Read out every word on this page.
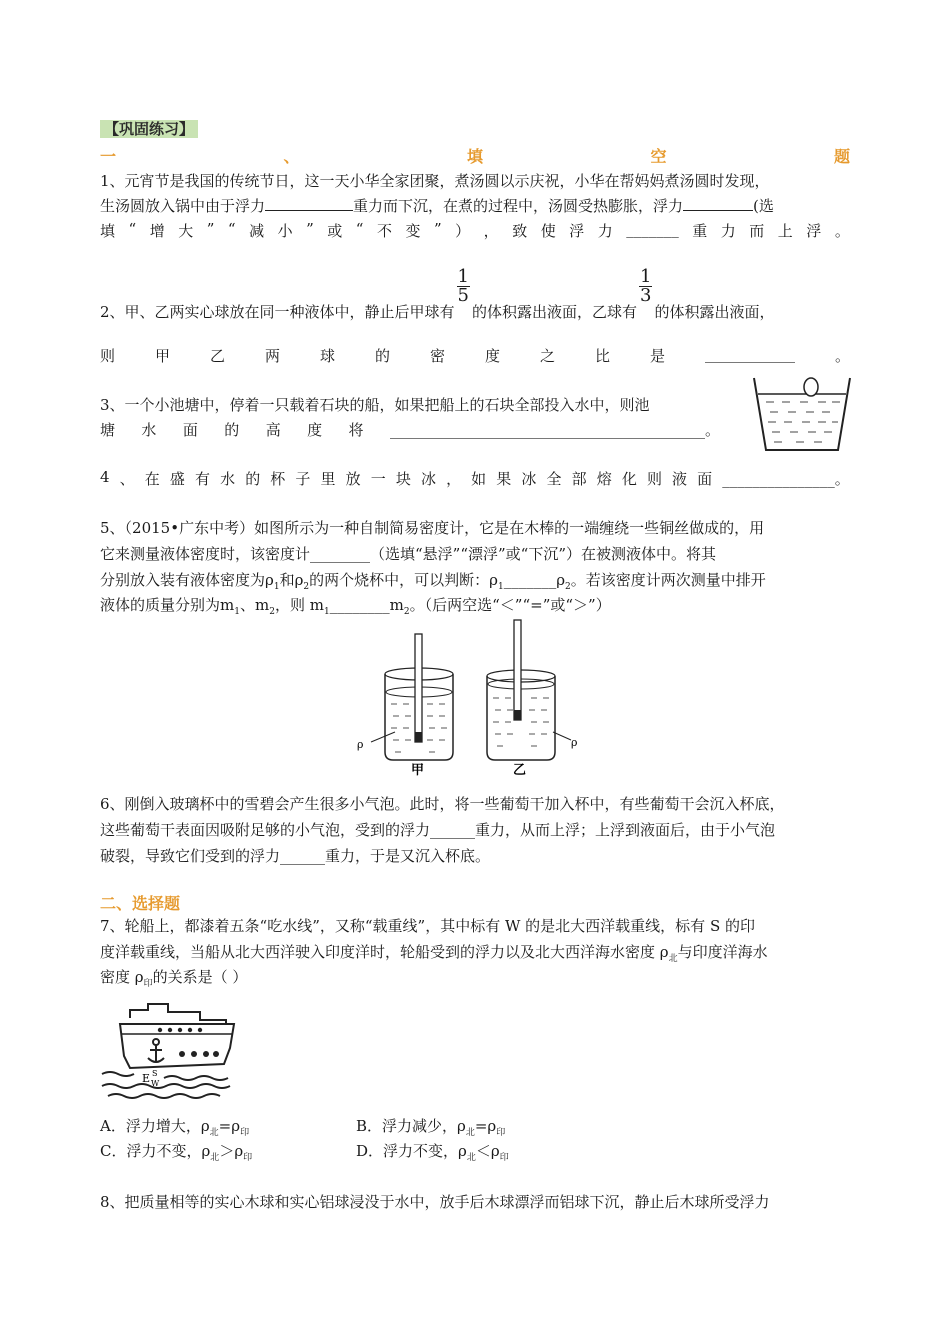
【巩固练习】
一	、	填	空	题
1、元宵节是我国的传统节日，这一天小华全家团聚，煮汤圆以示庆祝，小华在帮妈妈煮汤圆时发现，
生汤圆放入锅中由于浮力	重力而下沉，在煮的过程中，汤圆受热膨胀，浮力	(选
填 “ 增 大 ” “ 减 小 ” 或 “ 不 变 ” ） ， 致 使 浮 力 _______ 重 力 而 上 浮 。
2、甲、乙两实心球放在同一种液体中，静止后甲球有
$\frac{1}{5}$
的体积露出液面，乙球有
$\frac{1}{3}$
的体积露出液面，
则	甲	乙	两	球	的	密	度	之	比	是	____________	。
3、一个小池塘中，停着一只载着石块的船，如果把船上的石块全部投入水中，则池
塘 水 面 的 高 度 将 __________________________________________。
4 、 在 盛 有 水 的 杯 子 里 放 一 块 冰 ， 如 果 冰 全 部 熔 化 则 液 面 _______________。
5、（2015•广东中考）如图所示为一种自制简易密度计，它是在木棒的一端缠绕一些铜丝做成的，用
它来测量液体密度时，该密度计________（选填“悬浮”“漂浮”或“下沉”）在被测液体中。将其
分别放入装有液体密度为$\rho_1$和$\rho_2$的两个烧杯中，可以判断：$\rho_1\_\_\_\_\_\_\_\rho_2$。若该密度计两次测量中排开
液体的质量分别为$m_1$、$m_2$，则 $m_1\_\_\_\_\_\_\_\_m_2$。（后两空选“＜”“=”或“＞”）
ρ
甲
ρ
乙
6、刚倒入玻璃杯中的雪碧会产生很多小气泡。此时，将一些葡萄干加入杯中，有些葡萄干会沉入杯底，
这些葡萄干表面因吸附足够的小气泡，受到的浮力______重力，从而上浮；上浮到液面后，由于小气泡
破裂，导致它们受到的浮力______重力，于是又沉入杯底。
二、选择题
7、轮船上，都漆着五条“吃水线”，又称“载重线”，其中标有 W 的是北大西洋载重线，标有 S 的印
度洋载重线，当船从北大西洋驶入印度洋时，轮船受到的浮力以及北大西洋海水密度 $\rho_北$与印度洋海水
密度 $\rho_印$的关系是（ ）
E S
W
A．浮力增大，$\rho_北=\rho_印$	B．浮力减少，$\rho_北=\rho_印$
C．浮力不变，$\rho_北>\rho_印$	D．浮力不变，$\rho_北<\rho_印$
8、把质量相等的实心木球和实心铝球浸没于水中，放手后木球漂浮而铝球下沉，静止后木球所受浮力
